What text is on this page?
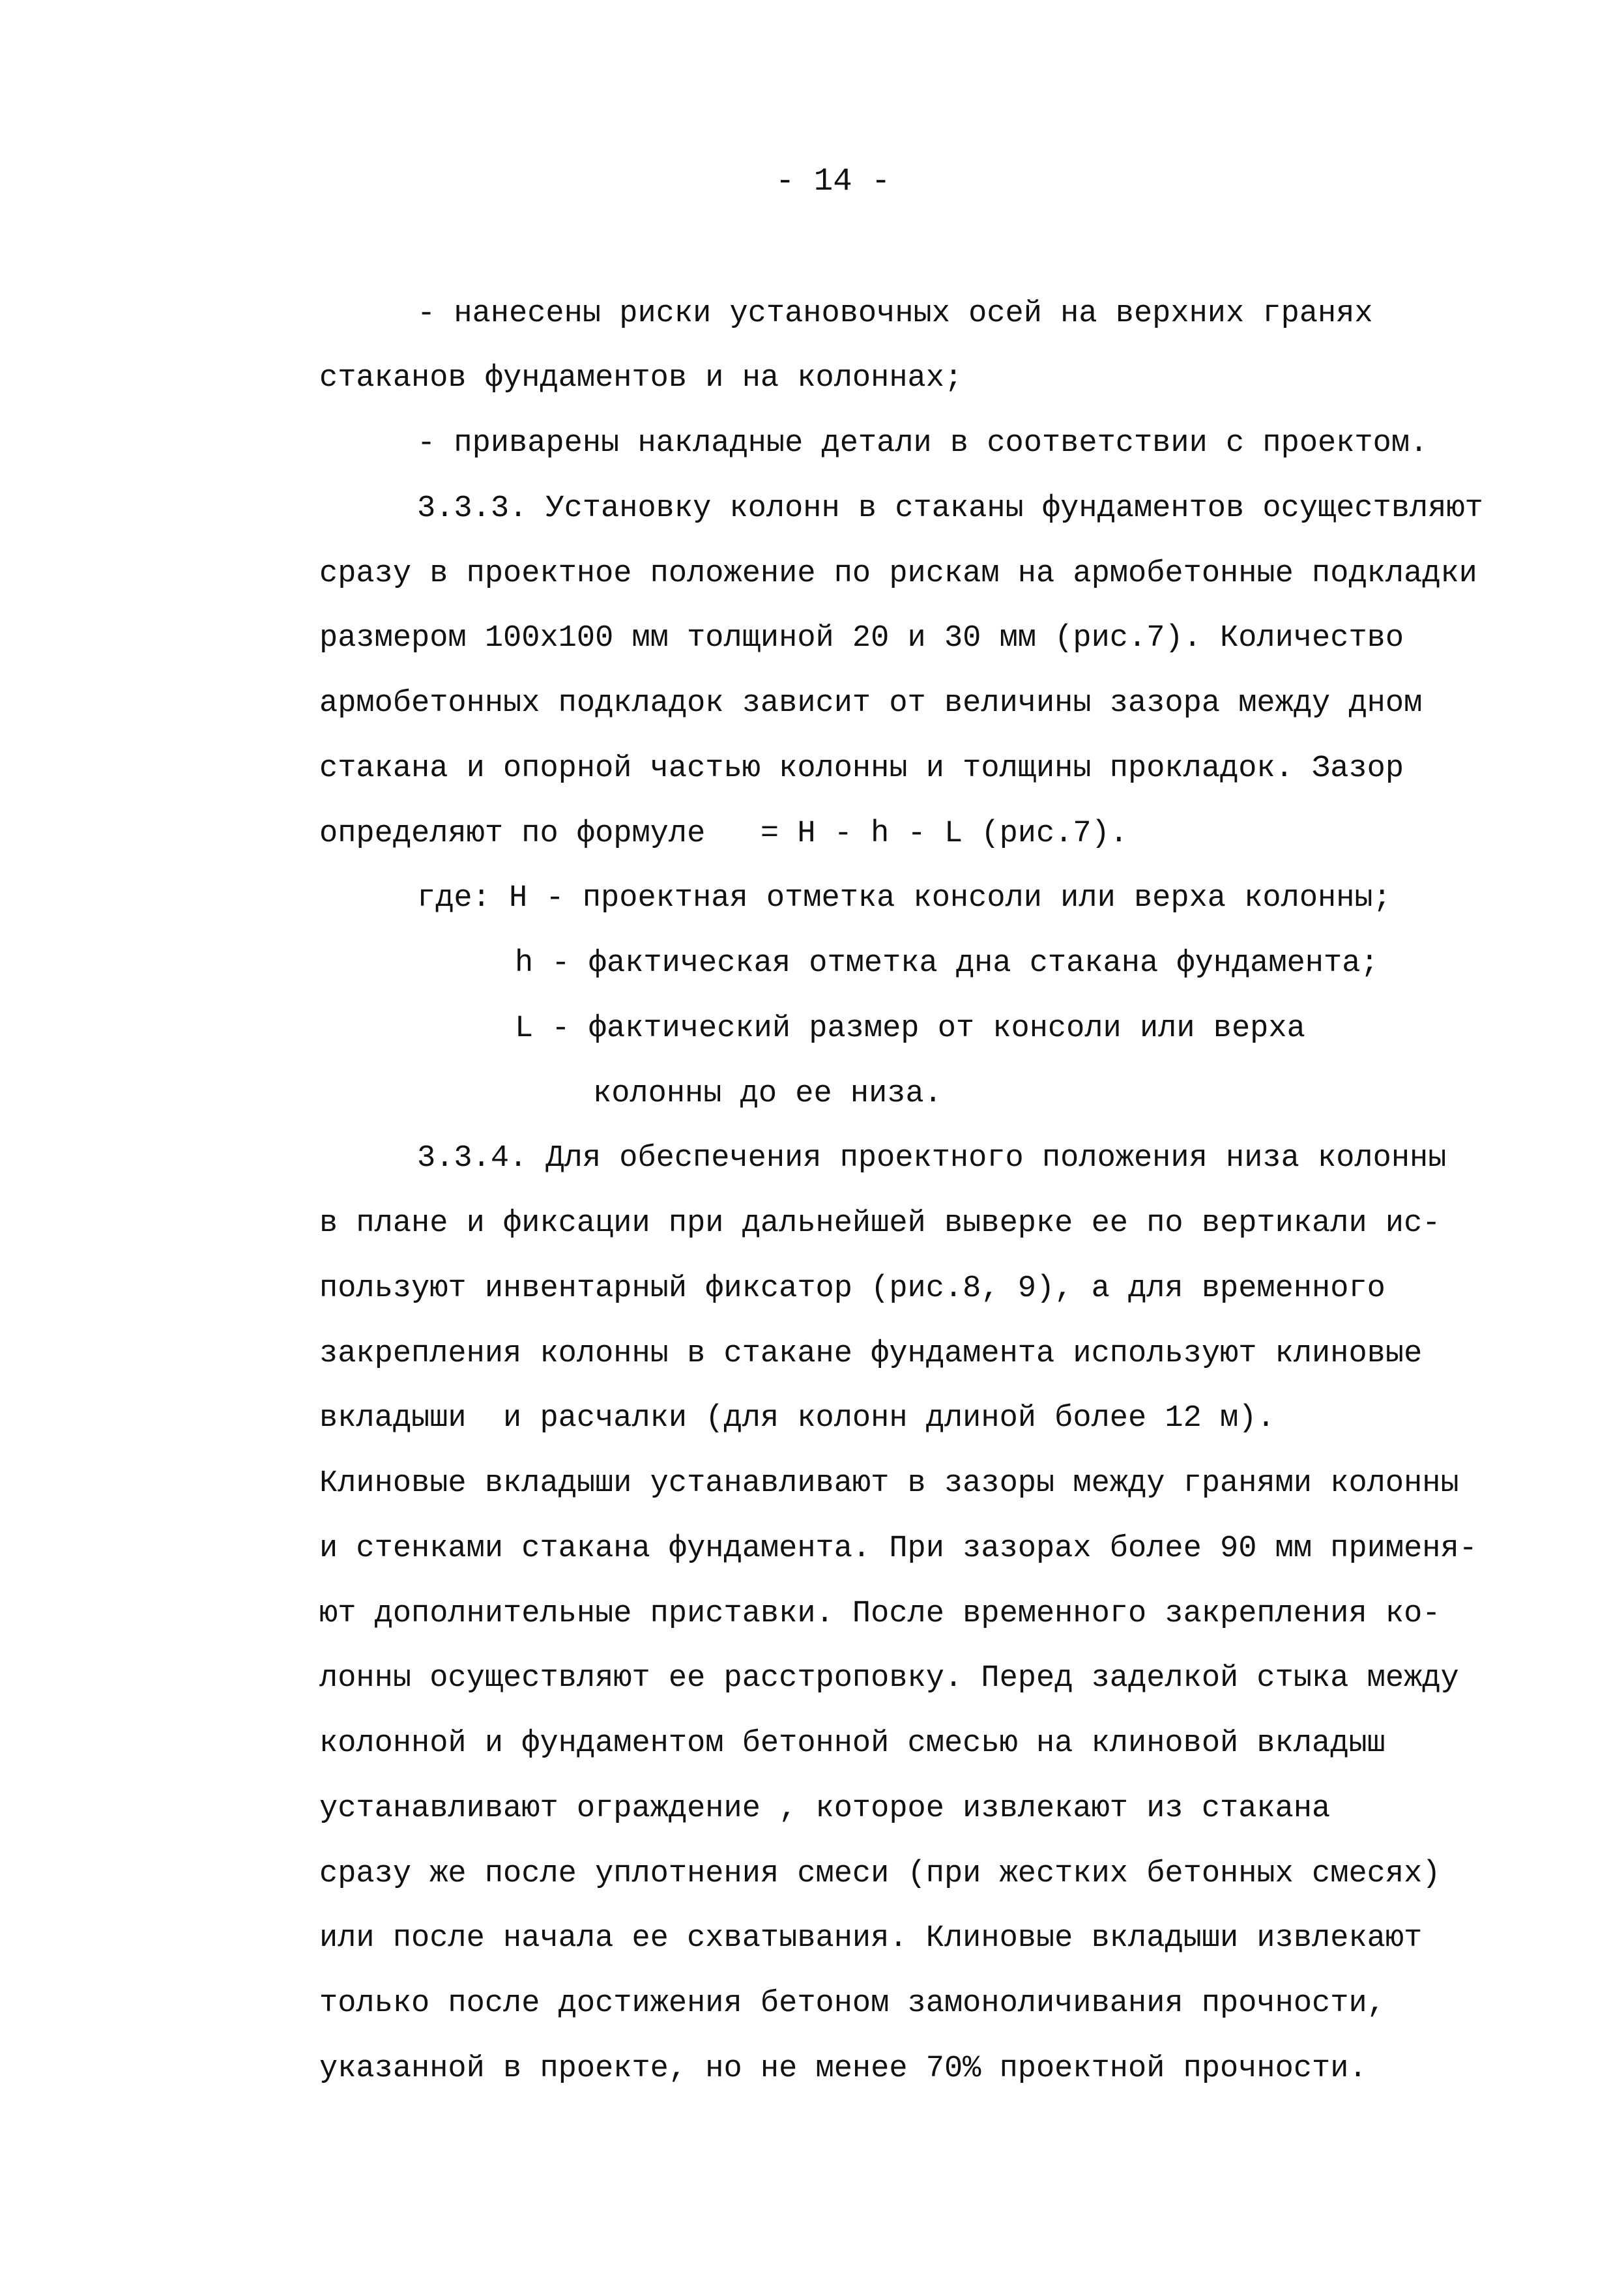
- 14 -
- нанесены риски установочных осей на верхних гранях
стаканов фундаментов и на колоннах;
- приварены накладные детали в соответствии с проектом.
3.3.3. Установку колонн в стаканы фундаментов осуществляют
сразу в проектное положение по рискам на армобетонные подкладки
размером 100х100 мм толщиной 20 и 30 мм (рис.7). Количество
армобетонных подкладок зависит от величины зазора между дном
стакана и опорной частью колонны и толщины прокладок. Зазор
определяют по формуле   = Н - h - L (рис.7).
где: Н - проектная отметка консоли или верха колонны;
h - фактическая отметка дна стакана фундамента;
L - фактический размер от консоли или верха
колонны до ее низа.
3.3.4. Для обеспечения проектного положения низа колонны
в плане и фиксации при дальнейшей выверке ее по вертикали ис-
пользуют инвентарный фиксатор (рис.8, 9), а для временного
закрепления колонны в стакане фундамента используют клиновые
вкладыши  и расчалки (для колонн длиной более 12 м).
Клиновые вкладыши устанавливают в зазоры между гранями колонны
и стенками стакана фундамента. При зазорах более 90 мм применя-
ют дополнительные приставки. После временного закрепления ко-
лонны осуществляют ее расстроповку. Перед заделкой стыка между
колонной и фундаментом бетонной смесью на клиновой вкладыш
устанавливают ограждение , которое извлекают из стакана
сразу же после уплотнения смеси (при жестких бетонных смесях)
или после начала ее схватывания. Клиновые вкладыши извлекают
только после достижения бетоном замоноличивания прочности,
указанной в проекте, но не менее 70% проектной прочности.
